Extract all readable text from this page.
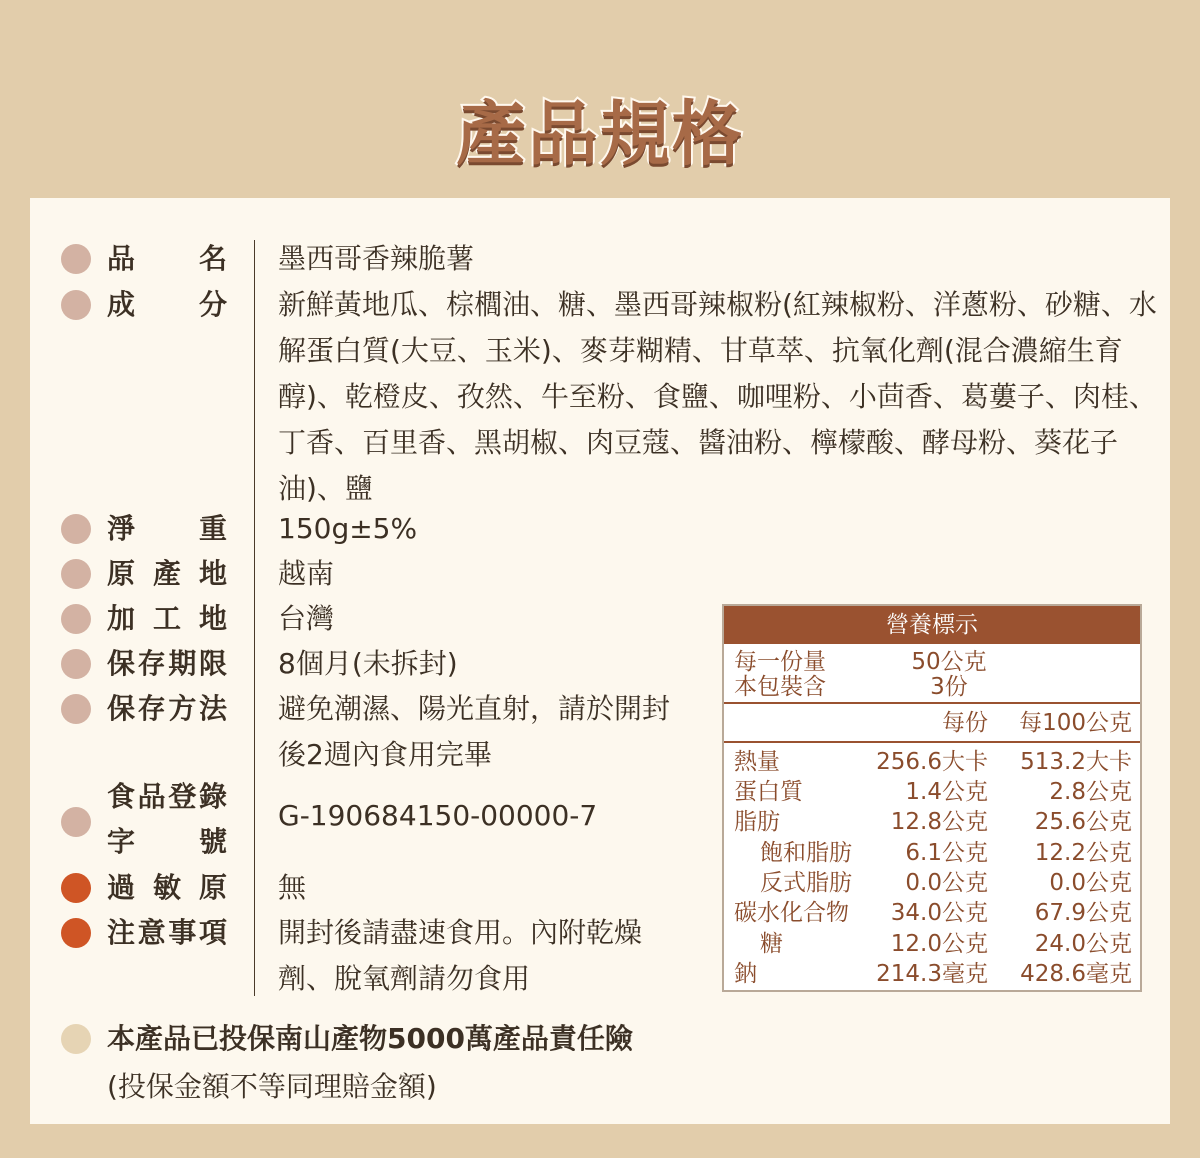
產品規格
品名 墨西哥香辣脆薯
成分 新鮮黃地瓜、棕櫚油、糖、墨西哥辣椒粉(紅辣椒粉、洋蔥粉、砂糖、水解蛋白質(大豆、玉米)、麥芽糊精、甘草萃、抗氧化劑(混合濃縮生育醇)、乾橙皮、孜然、牛至粉、食鹽、咖哩粉、小茴香、葛蔞子、肉桂、丁香、百里香、黑胡椒、肉豆蔻、醬油粉、檸檬酸、酵母粉、葵花子油)、鹽
淨重 150g±5%
原產地 越南
加工地 台灣
保存期限 8個月(未拆封)
保存方法 避免潮濕、陽光直射，請於開封後2週內食用完畢
食品登錄
字號
G-190684150-00000-7
過敏原 無
注意事項 開封後請盡速食用。內附乾燥劑、脫氧劑請勿食用
本產品已投保南山產物5000萬產品責任險
(投保金額不等同理賠金額)
營養標示
每一份量	50公克
本包裝含	3份
每份 每100公克
熱量	256.6大卡 513.2大卡
蛋白質	1.4公克	2.8公克
脂肪	12.8公克 25.6公克
飽和脂肪 6.1公克 12.2公克
反式脂肪 0.0公克	0.0公克
碳水化合物 34.0公克 67.9公克
糖	12.0公克 24.0公克
鈉	214.3毫克 428.6毫克
